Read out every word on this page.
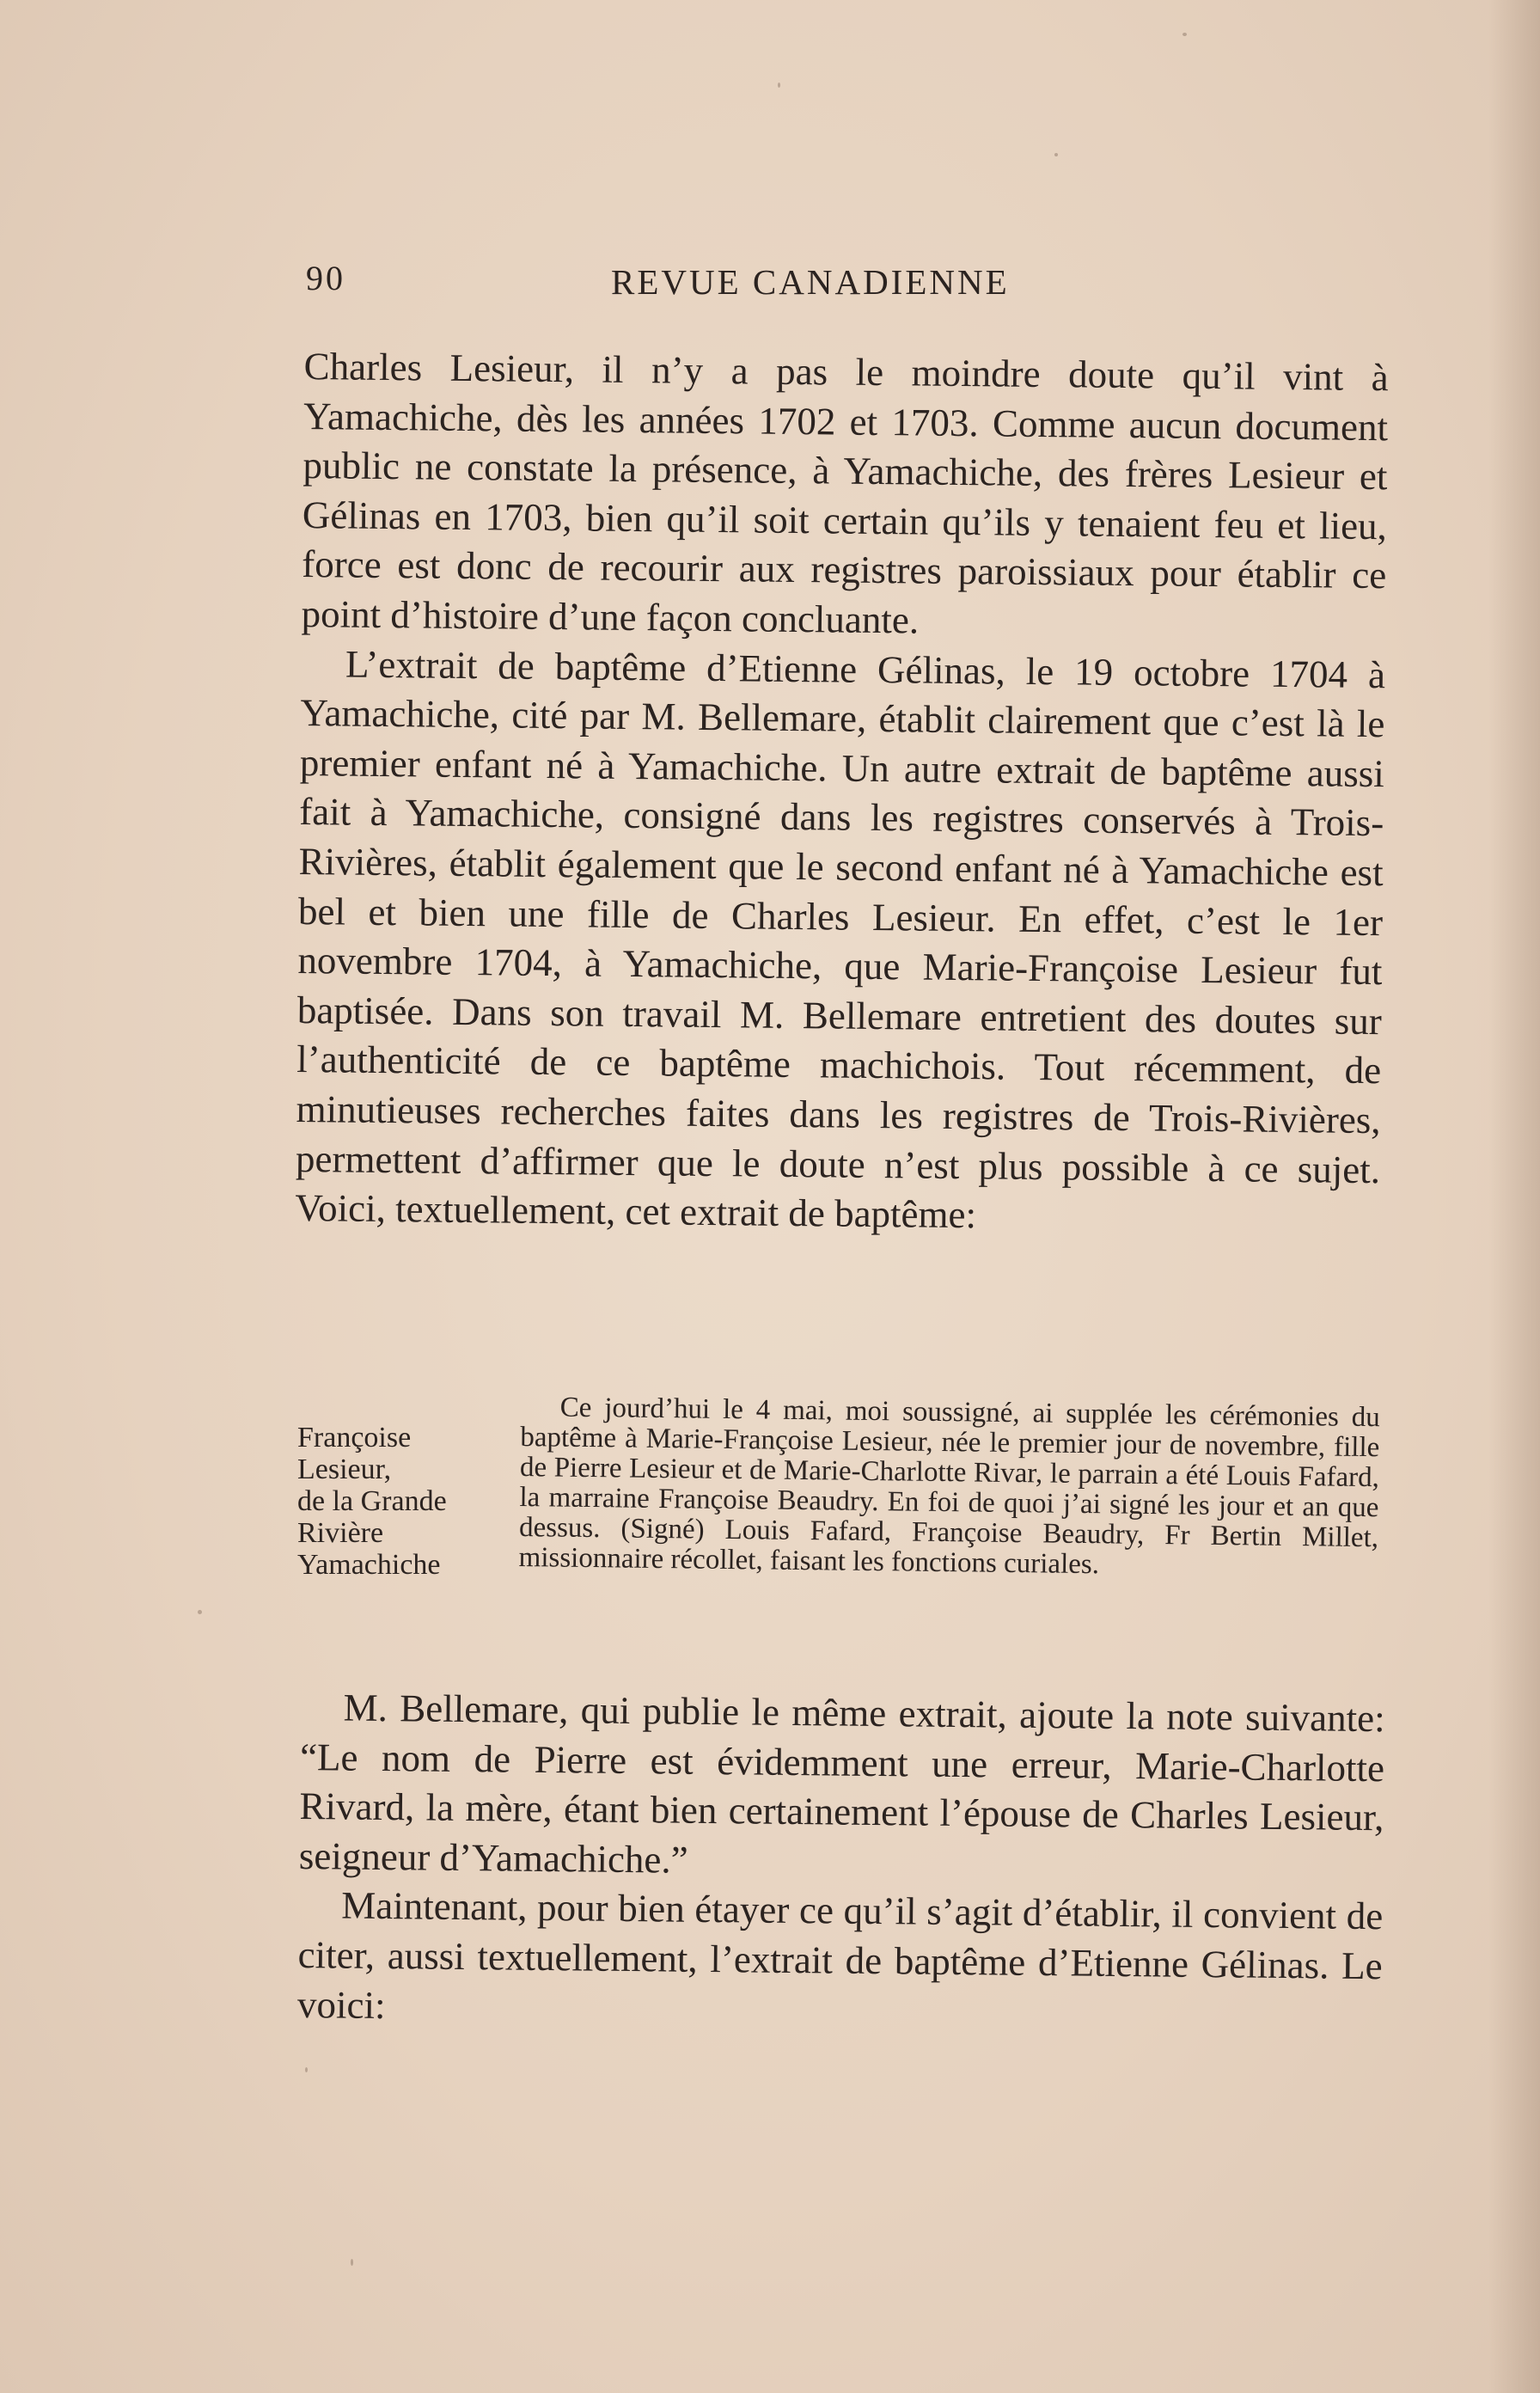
90	REVUE CANADIENNE

Charles Lesieur, il n’y a pas le moindre doute qu’il vint à Yamachiche, dès les années 1702 et 1703. Comme aucun document public ne constate la présence, à Yamachiche, des frères Lesieur et Gélinas en 1703, bien qu’il soit certain qu’ils y tenaient feu et lieu, force est donc de recourir aux registres paroissiaux pour établir ce point d’histoire d’une façon concluante.

L’extrait de baptême d’Etienne Gélinas, le 19 octobre 1704 à Yamachiche, cité par M. Bellemare, établit clairement que c’est là le premier enfant né à Yamachiche. Un autre extrait de baptême aussi fait à Yamachiche, consigné dans les registres conservés à Trois-Rivières, établit également que le second enfant né à Yamachiche est bel et bien une fille de Charles Lesieur. En effet, c’est le 1er novembre 1704, à Yamachiche, que Marie-Françoise Lesieur fut baptisée. Dans son travail M. Bellemare entretient des doutes sur l’authenticité de ce baptême machichois. Tout récemment, de minutieuses recherches faites dans les registres de Trois-Rivières, permettent d’affirmer que le doute n’est plus possible à ce sujet. Voici, textuellement, cet extrait de baptême:

Françoise
Lesieur,
de la Grande
Rivière
Yamachiche
Ce jourd’hui le 4 mai, moi soussigné, ai supplée les cérémonies du baptême à Marie-Françoise Lesieur, née le premier jour de novembre, fille de Pierre Lesieur et de Marie-Charlotte Rivar, le parrain a été Louis Fafard, la marraine Françoise Beaudry. En foi de quoi j’ai signé les jour et an que dessus. (Signé) Louis Fafard, Françoise Beaudry, Fr Bertin Millet, missionnaire récollet, faisant les fonctions curiales.

M. Bellemare, qui publie le même extrait, ajoute la note suivante: “Le nom de Pierre est évidemment une erreur, Marie-Charlotte Rivard, la mère, étant bien certainement l’épouse de Charles Lesieur, seigneur d’Yamachiche.”

Maintenant, pour bien étayer ce qu’il s’agit d’établir, il convient de citer, aussi textuellement, l’extrait de baptême d’Etienne Gélinas. Le voici:
